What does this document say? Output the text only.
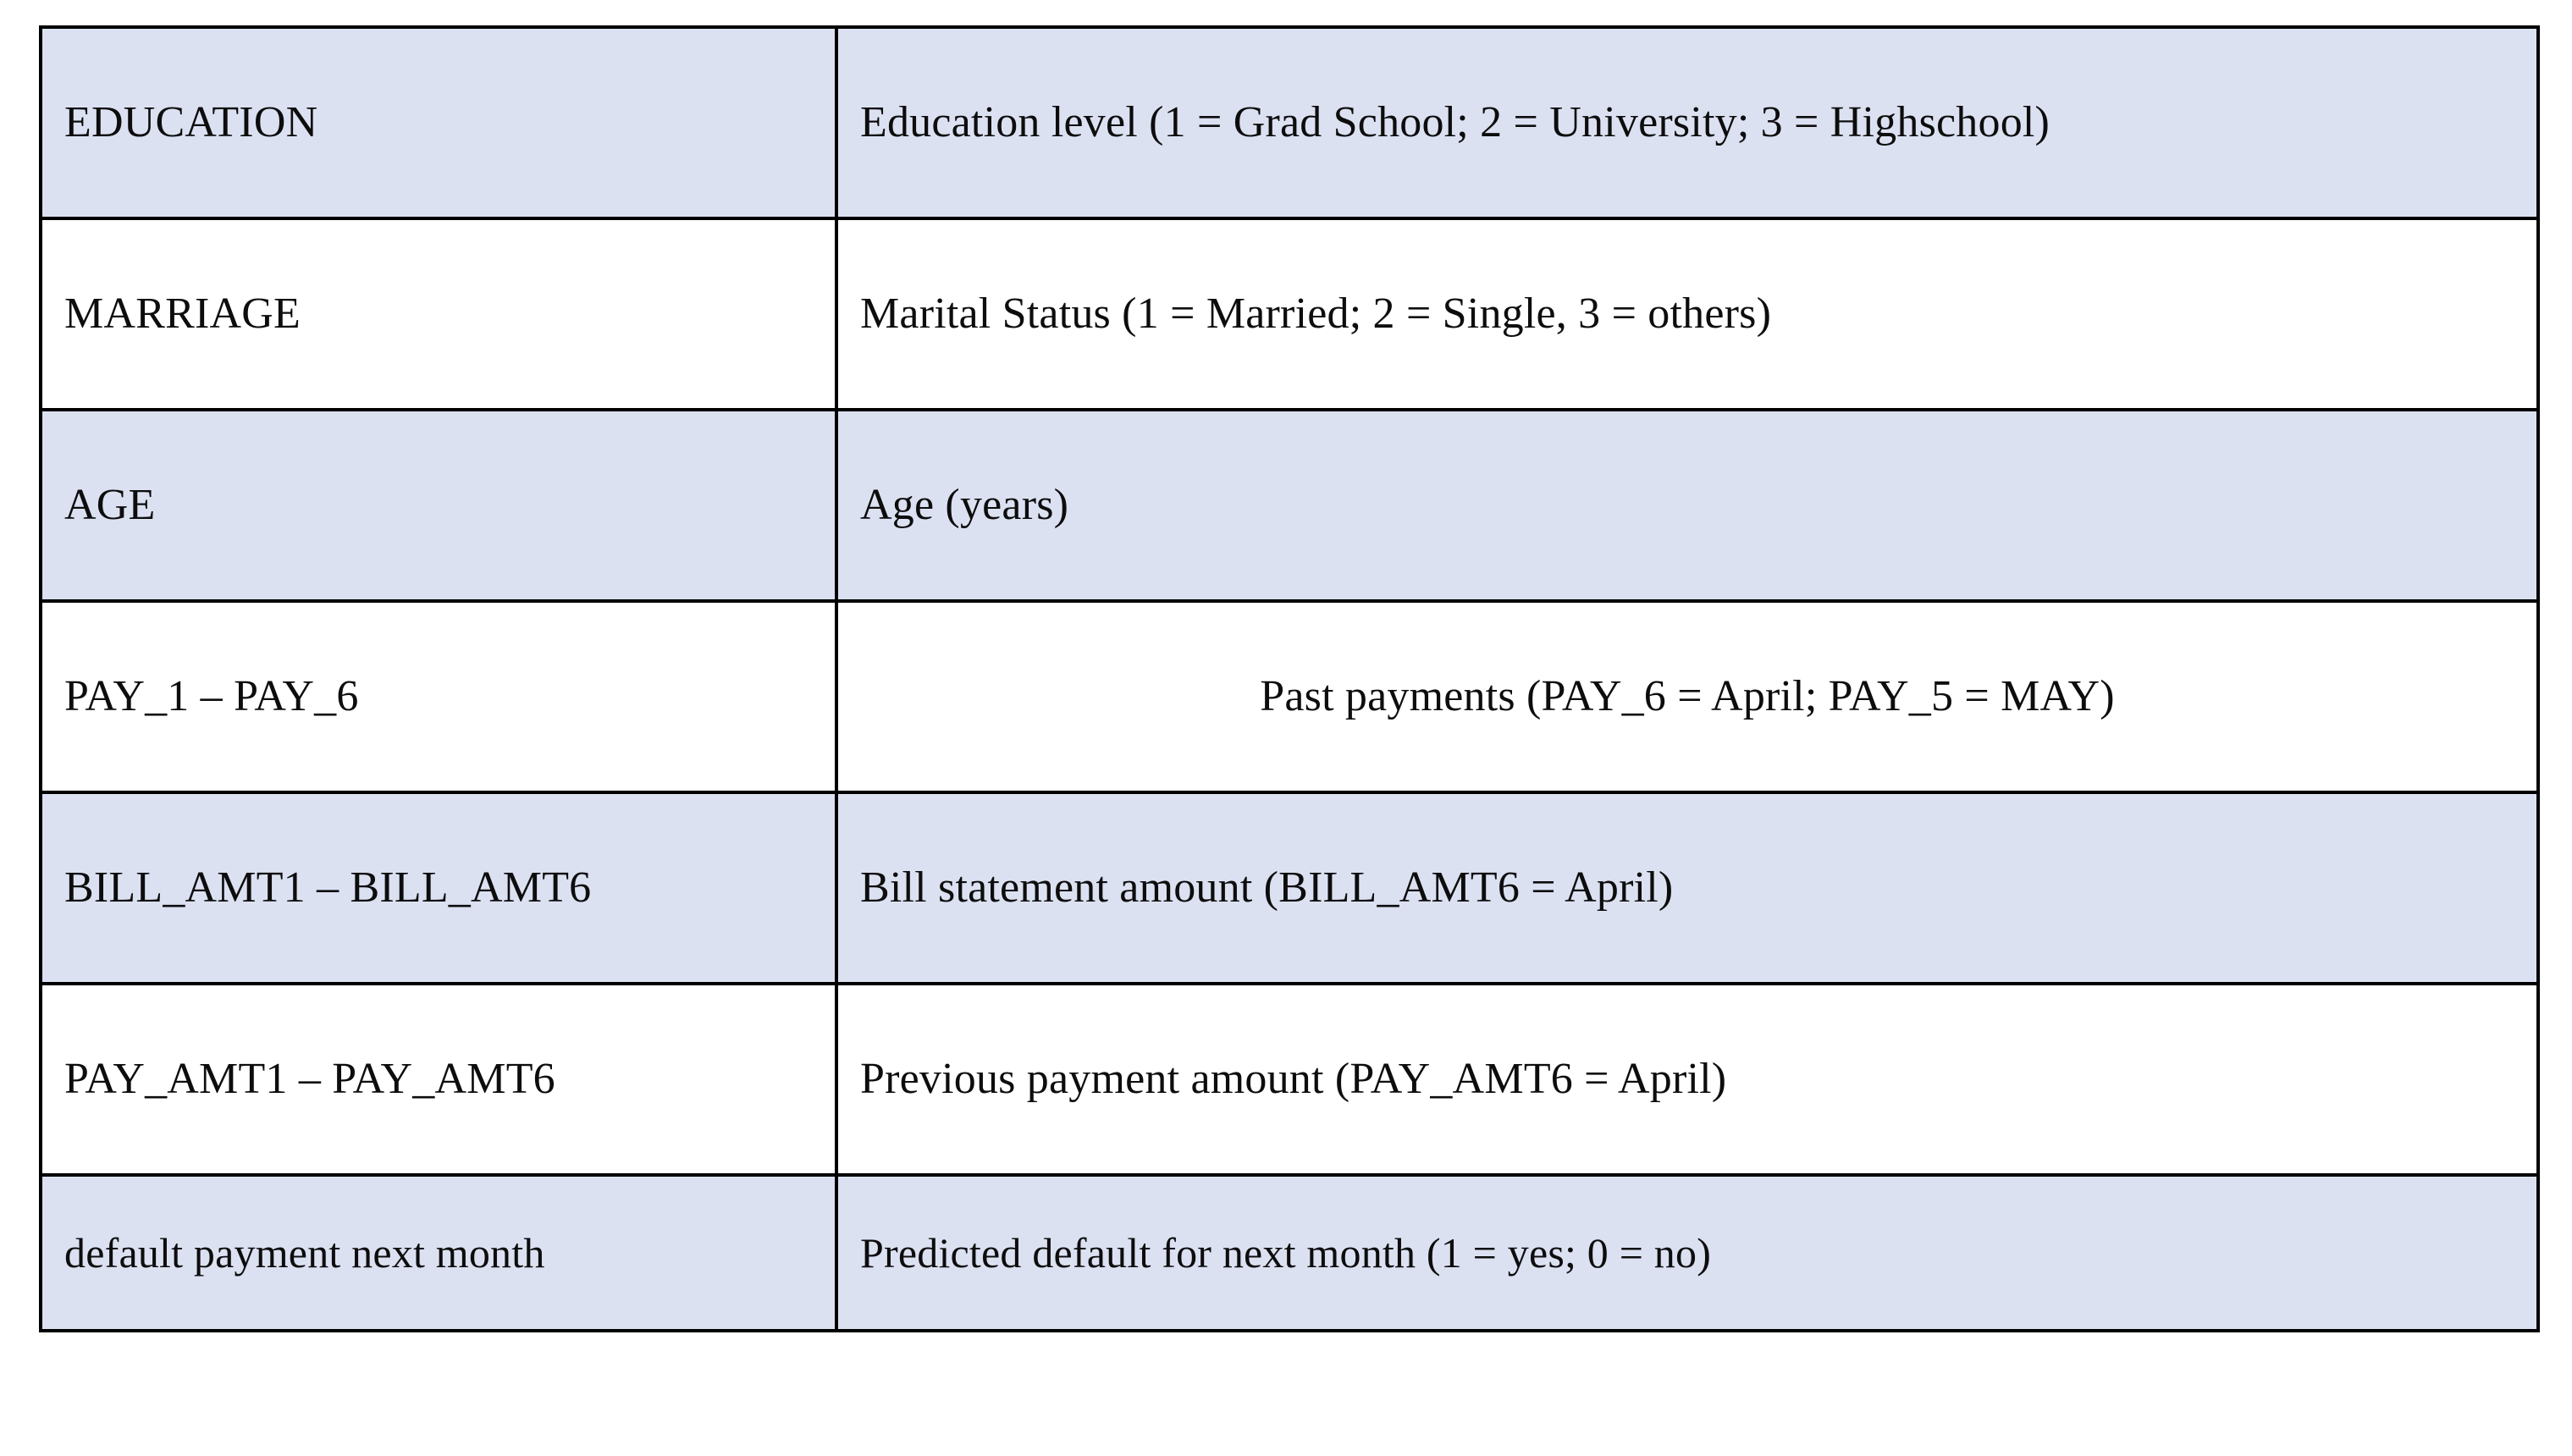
EDUCATION	Education level (1 = Grad School; 2 = University; 3 = Highschool)
MARRIAGE	Marital Status (1 = Married; 2 = Single, 3 = others)
AGE	Age (years)
PAY_1 – PAY_6	Past payments (PAY_6 = April; PAY_5 = MAY)
BILL_AMT1 – BILL_AMT6	Bill statement amount (BILL_AMT6 = April)
PAY_AMT1 – PAY_AMT6	Previous payment amount (PAY_AMT6 = April)
default payment next month	Predicted default for next month (1 = yes; 0 = no)
